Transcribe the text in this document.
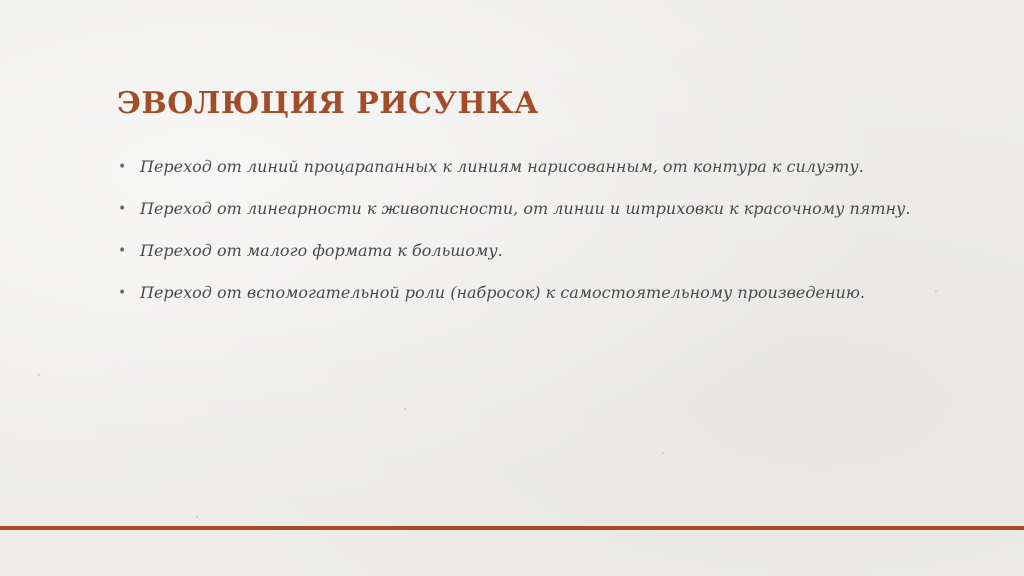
ЭВОЛЮЦИЯ РИСУНКА
• Переход от линий процарапанных к линиям нарисованным, от контура к силуэту.
• Переход от линеарности к живописности, от линии и штриховки к красочному пятну.
• Переход от малого формата к большому.
• Переход от вспомогательной роли (набросок) к самостоятельному произведению.
